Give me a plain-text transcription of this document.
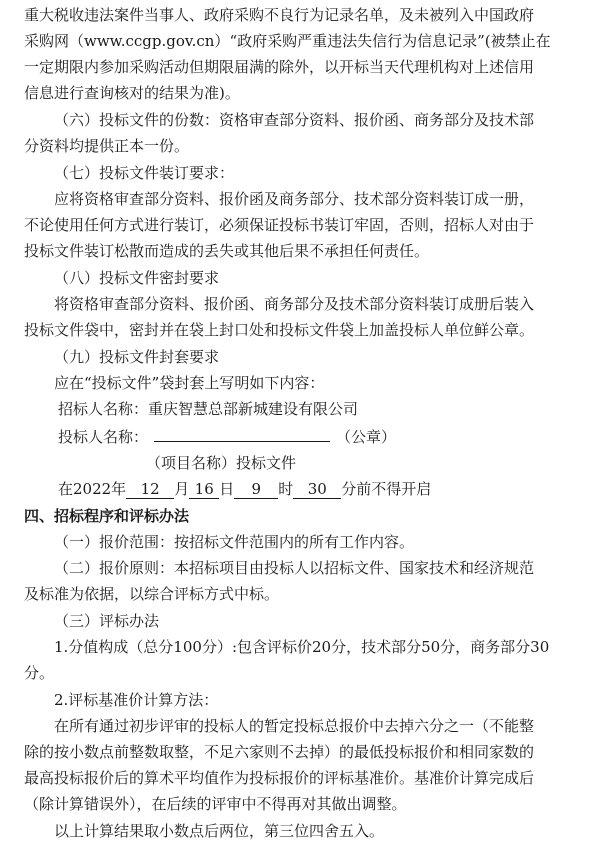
重大税收违法案件当事人、政府采购不良行为记录名单，及未被列入中国政府
采购网（www.ccgp.gov.cn）“政府采购严重违法失信行为信息记录”(被禁止在
一定期限内参加采购活动但期限届满的除外，以开标当天代理机构对上述信用
信息进行查询核对的结果为准)。
（六）投标文件的份数：资格审查部分资料、报价函、商务部分及技术部
分资料均提供正本一份。
（七）投标文件装订要求：
应将资格审查部分资料、报价函及商务部分、技术部分资料装订成一册，
不论使用任何方式进行装订，必须保证投标书装订牢固，否则，招标人对由于
投标文件装订松散而造成的丢失或其他后果不承担任何责任。
（八）投标文件密封要求
将资格审查部分资料、报价函、商务部分及技术部分资料装订成册后装入
投标文件袋中，密封并在袋上封口处和投标文件袋上加盖投标人单位鲜公章。
（九）投标文件封套要求
应在“投标文件”袋封套上写明如下内容：
招标人名称：重庆智慧总部新城建设有限公司
投标人名称：	（公章）
（项目名称）投标文件
在2022年 12 月 16 日 9 时 30 分前不得开启
四、招标程序和评标办法
（一）报价范围：按招标文件范围内的所有工作内容。
（二）报价原则：本招标项目由投标人以招标文件、国家技术和经济规范
及标准为依据，以综合评标方式中标。
（三）评标办法
1.分值构成（总分100分）:包含评标价20分，技术部分50分，商务部分30
分。
2.评标基准价计算方法：
在所有通过初步评审的投标人的暂定投标总报价中去掉六分之一（不能整
除的按小数点前整数取整，不足六家则不去掉）的最低投标报价和相同家数的
最高投标报价后的算术平均值作为投标报价的评标基准价。基准价计算完成后
（除计算错误外），在后续的评审中不得再对其做出调整。
以上计算结果取小数点后两位，第三位四舍五入。
